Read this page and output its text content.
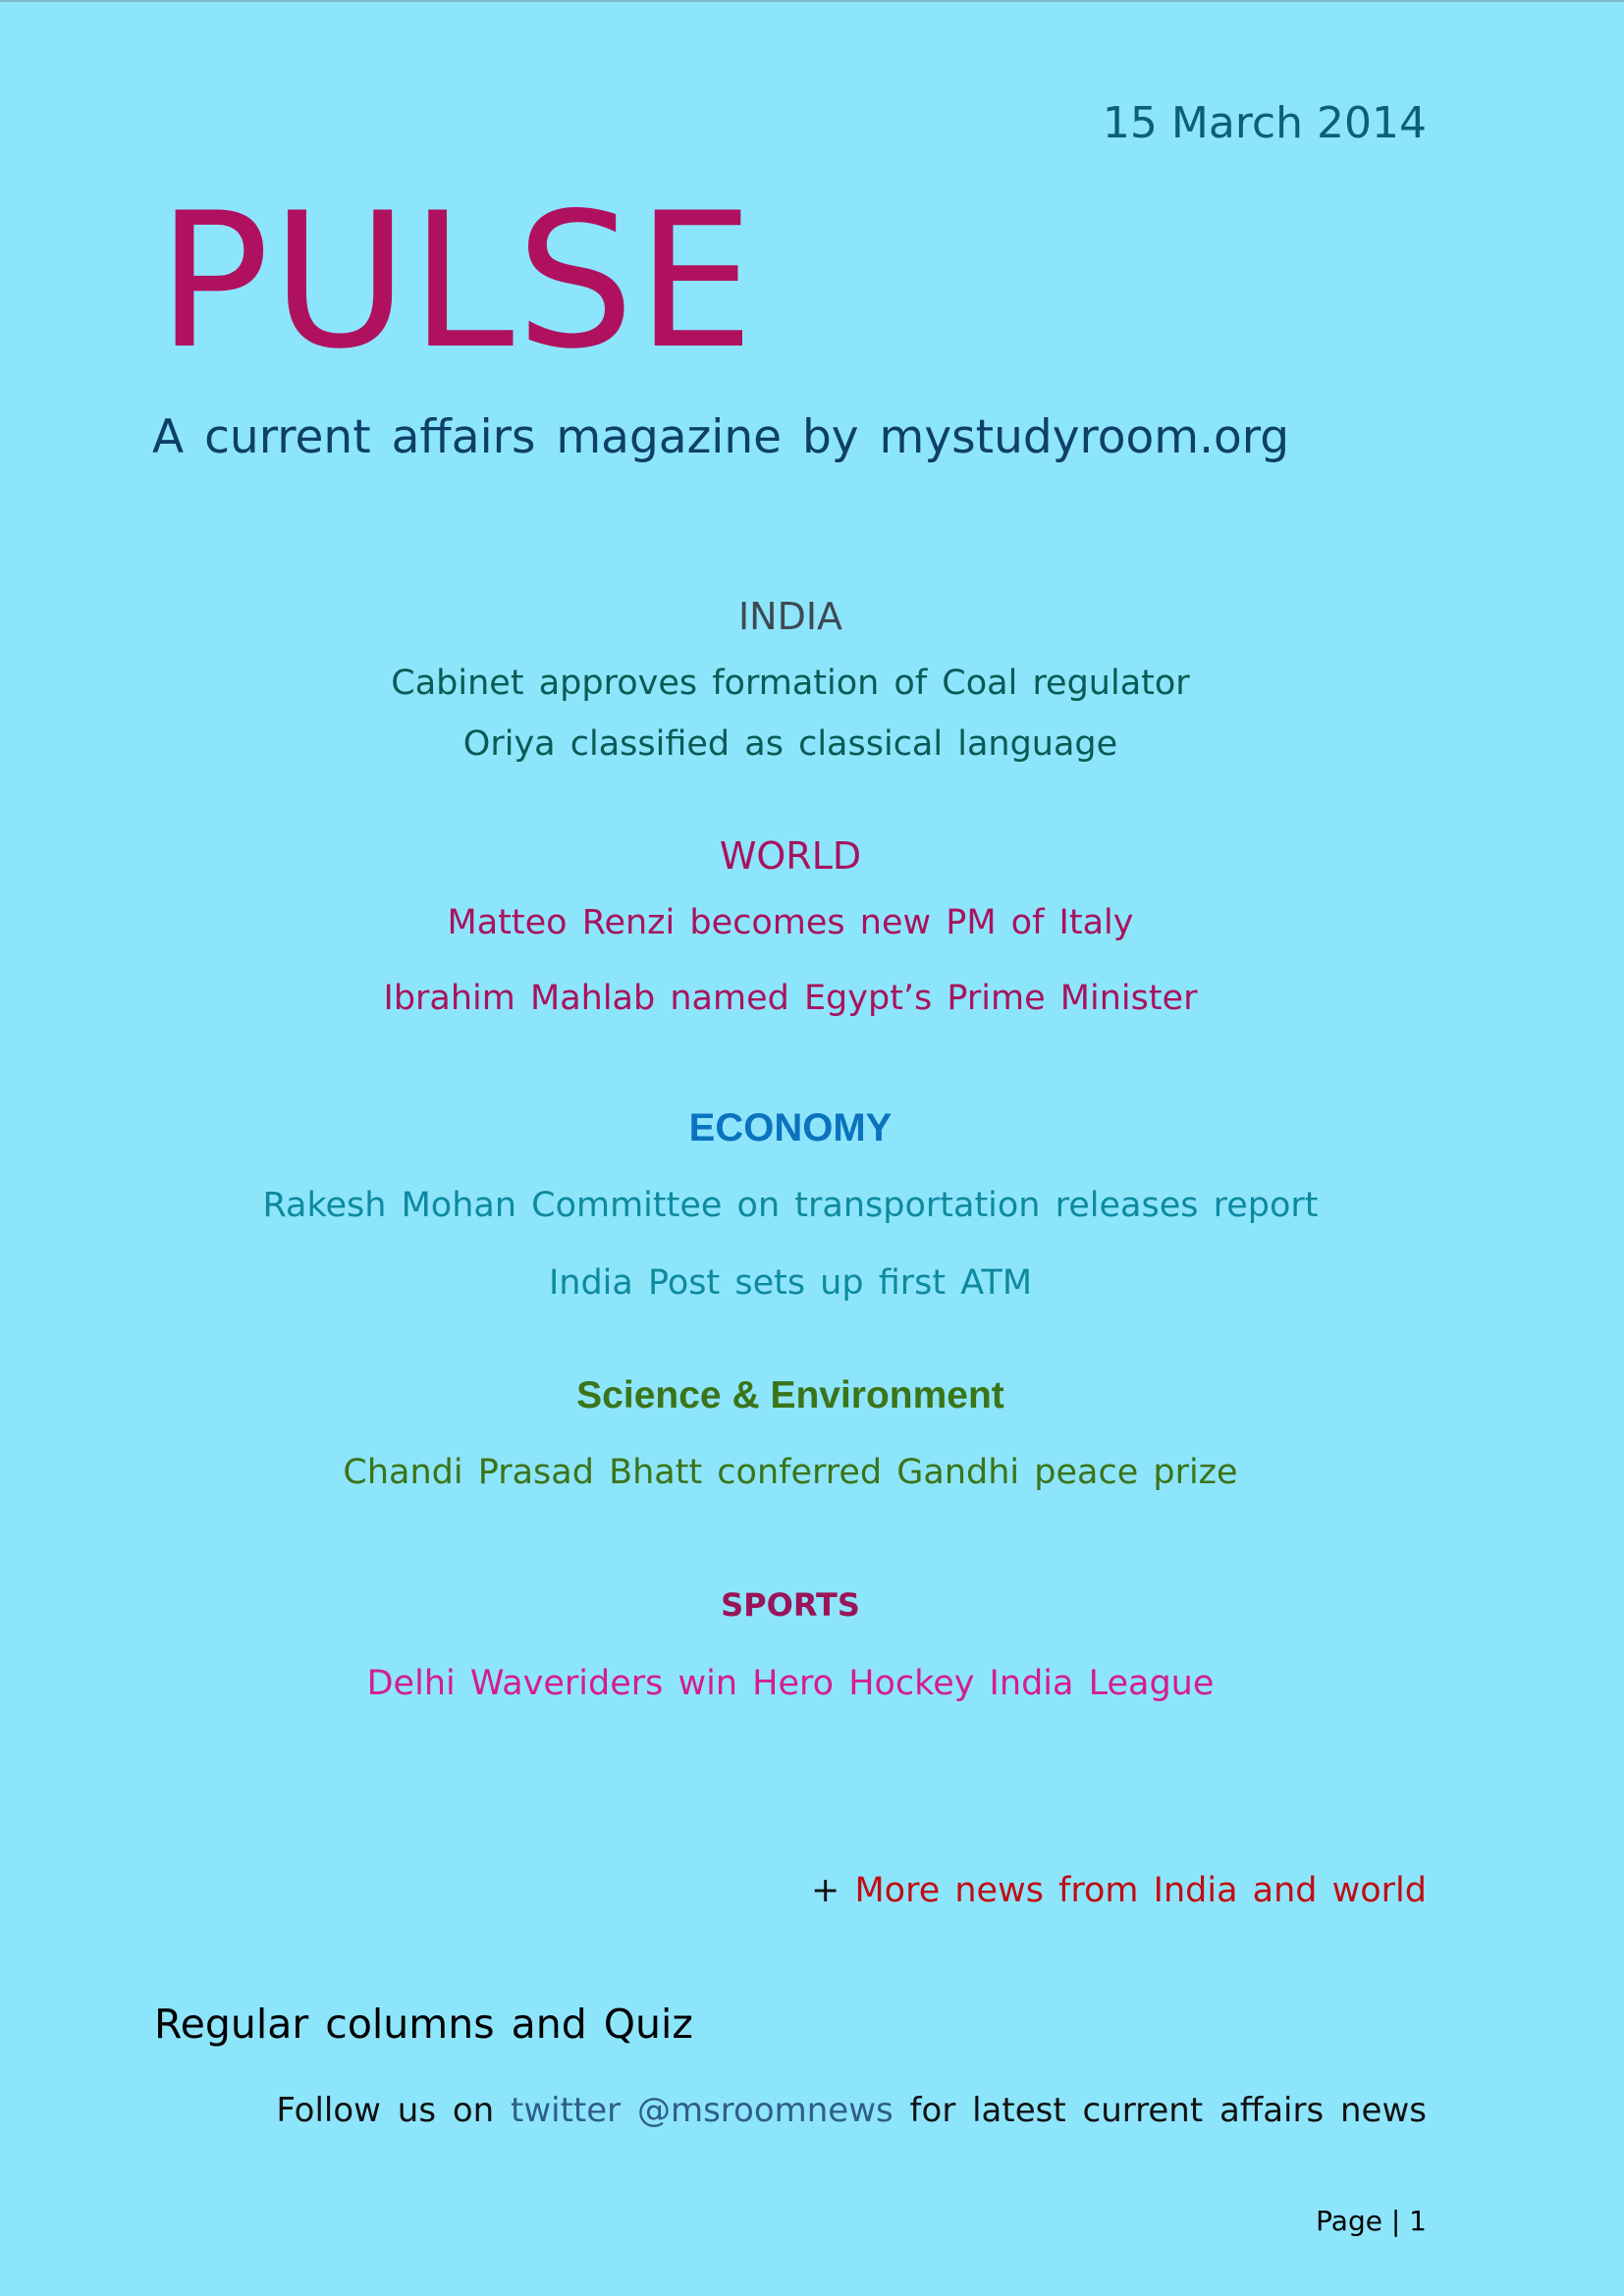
15 March 2014
PULSE
A current affairs magazine by mystudyroom.org
INDIA
Cabinet approves formation of Coal regulator
Oriya classified as classical language
WORLD
Matteo Renzi becomes new PM of Italy
Ibrahim Mahlab named Egypt’s Prime Minister
ECONOMY
Rakesh Mohan Committee on transportation releases report
India Post sets up first ATM
Science & Environment
Chandi Prasad Bhatt conferred Gandhi peace prize
SPORTS
Delhi Waveriders win Hero Hockey India League
+ More news from India and world
Regular columns and Quiz
Follow us on twitter @msroomnews for latest current affairs news
Page | 1
